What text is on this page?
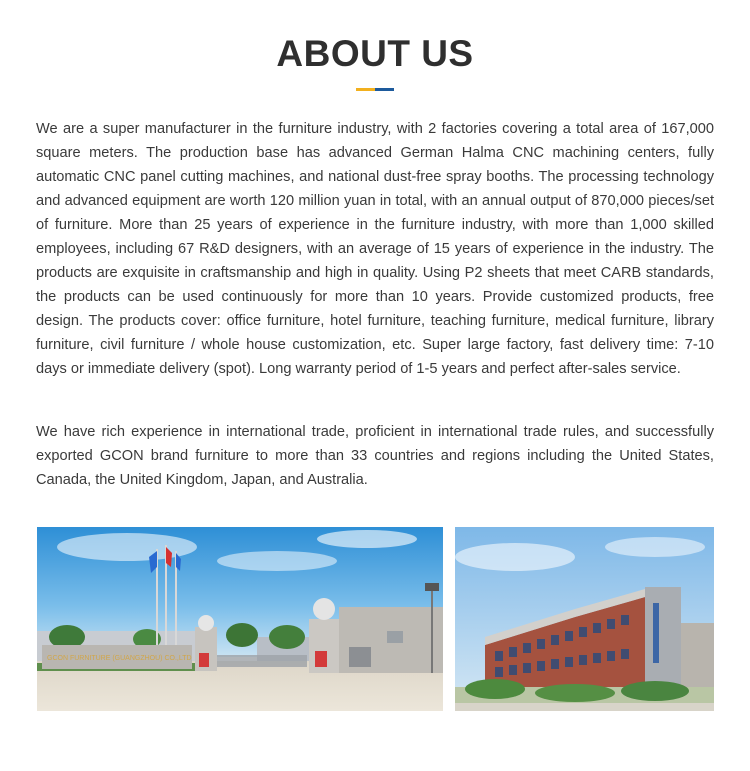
ABOUT US

We are a super manufacturer in the furniture industry, with 2 factories covering a total area of 167,000 square meters. The production base has advanced German Halma CNC machining centers, fully automatic CNC panel cutting machines, and national dust-free spray booths. The processing technology and advanced equipment are worth 120 million yuan in total, with an annual output of 870,000 pieces/set of furniture. More than 25 years of experience in the furniture industry, with more than 1,000 skilled employees, including 67 R&D designers, with an average of 15 years of experience in the industry. The products are exquisite in craftsmanship and high in quality. Using P2 sheets that meet CARB standards, the products can be used continuously for more than 10 years. Provide customized products, free design. The products cover: office furniture, hotel furniture, teaching furniture, medical furniture, library furniture, civil furniture / whole house customization, etc. Super large factory, fast delivery time: 7-10 days or immediate delivery (spot). Long warranty period of 1-5 years and perfect after-sales service.

We have rich experience in international trade, proficient in international trade rules, and successfully exported GCON brand furniture to more than 33 countries and regions including the United States, Canada, the United Kingdom, Japan, and Australia.

GCON FURNITURE (GUANGZHOU) CO.,LTD
